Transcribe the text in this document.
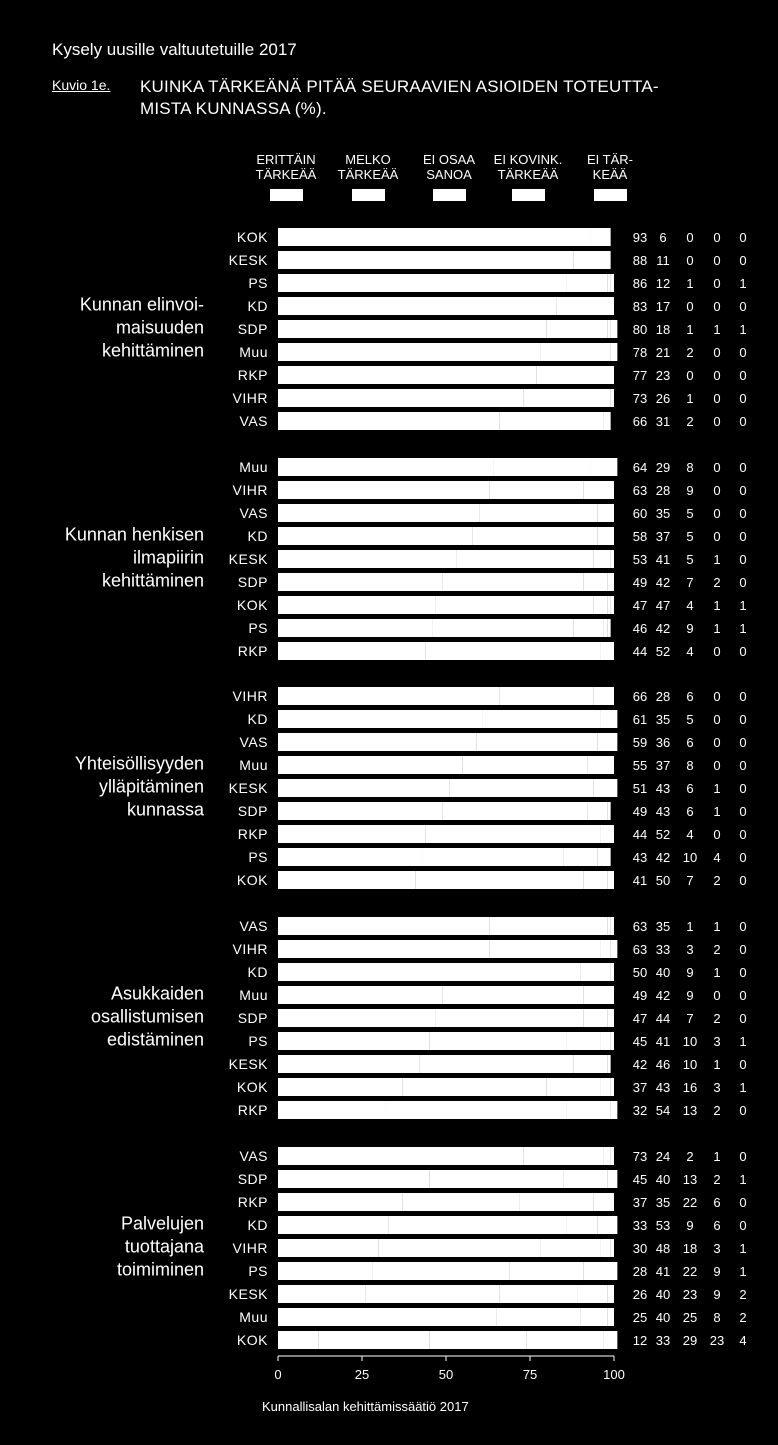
Kysely uusille valtuutetuille 2017
Kuvio 1e. KUINKA TÄRKEÄNÄ PITÄÄ SEURAAVIEN ASIOIDEN TOTEUTTA-
MISTA KUNNASSA (%).
ERITTÄIN
TÄRKEÄÄ
MELKO
TÄRKEÄÄ
EI OSAA
SANOA
EI KOVINK.
TÄRKEÄÄ
EI TÄR-
KEÄÄ
KOK	93 6 0 0 0
KESK	88 11 0 0 0
PS	86 12 1 0 1
KD	83 17 0 0 0
SDP	80 18 1 1 1
Muu	78 21 2 0 0
RKP	77 23 0 0 0
VIHR	73 26 1 0 0
VAS	66 31 2 0 0
Kunnan elinvoi-maisuuden kehittäminen
Muu	64 29 8 0 0
VIHR	63 28 9 0 0
VAS	60 35 5 0 0
KD	58 37 5 0 0
KESK	53 41 5 1 0
SDP	49 42 7 2 0
KOK	47 47 4 1 1
PS	46 42 9 1 1
RKP	44 52 4 0 0
Kunnan henkisen ilmapiirin kehittäminen
VIHR	66 28 6 0 0
KD	61 35 5 0 0
VAS	59 36 6 0 0
Muu	55 37 8 0 0
KESK	51 43 6 1 0
SDP	49 43 6 1 0
RKP	44 52 4 0 0
PS	43 42 10 4 0
KOK	41 50 7 2 0
Yhteisöllisyyden ylläpitäminen kunnassa
VAS	63 35 1 1 0
VIHR	63 33 3 2 0
KD	50 40 9 1 0
Muu	49 42 9 0 0
SDP	47 44 7 2 0
PS	45 41 10 3 1
KESK	42 46 10 1 0
KOK	37 43 16 3 1
RKP	32 54 13 2 0
Asukkaiden osallistumisen edistäminen
VAS	73 24 2 1 0
SDP	45 40 13 2 1
RKP	37 35 22 6 0
KD	33 53 9 6 0
VIHR	30 48 18 3 1
PS	28 41 22 9 1
KESK	26 40 23 9 2
Muu	25 40 25 8 2
KOK	12 33 29 23 4
Palvelujen tuottajana toimiminen
0	25	50	75	100
Kunnallisalan kehittämissäätiö 2017
